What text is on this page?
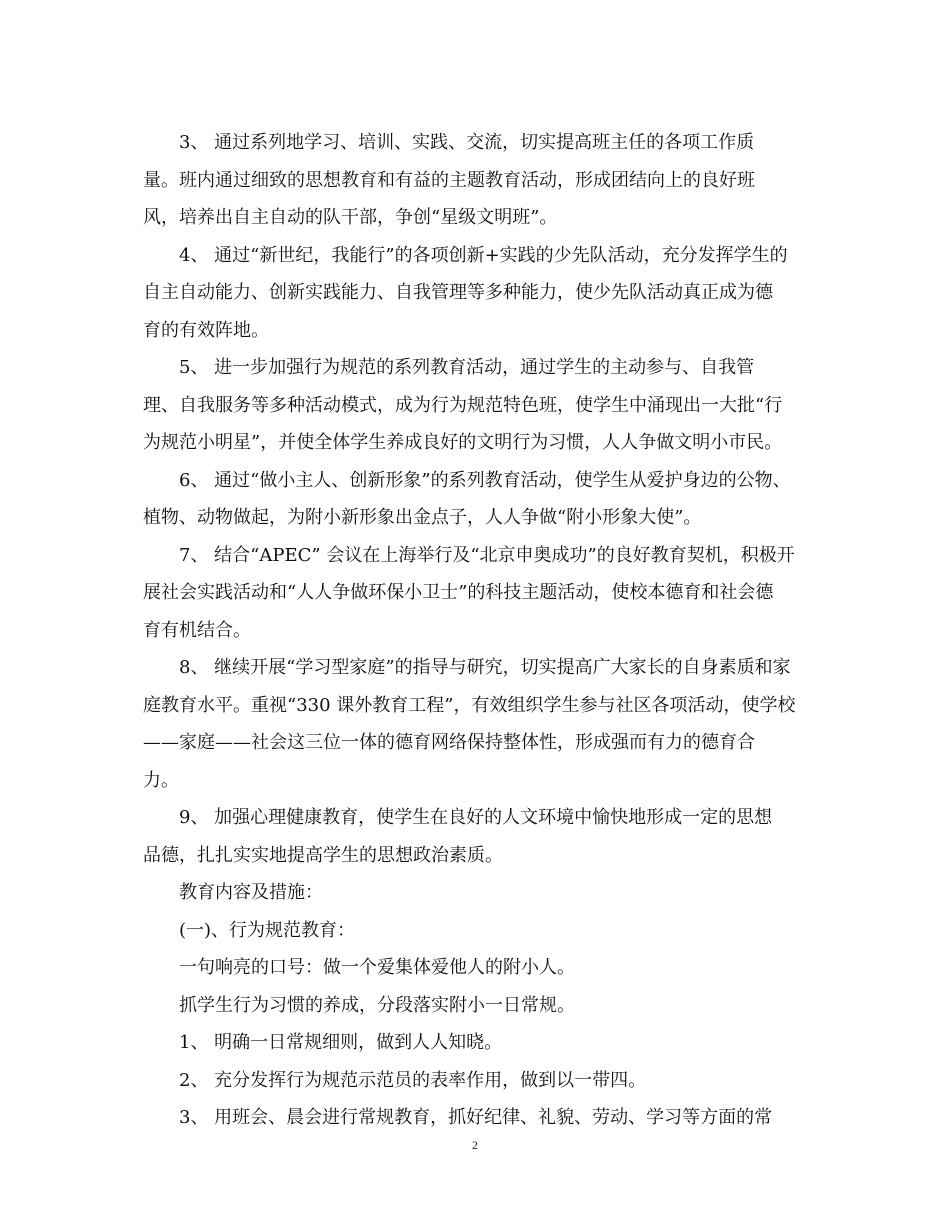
3、 通过系列地学习、培训、实践、交流，切实提高班主任的各项工作质
量。班内通过细致的思想教育和有益的主题教育活动，形成团结向上的良好班
风，培养出自主自动的队干部，争创“星级文明班”。

4、 通过“新世纪，我能行”的各项创新+实践的少先队活动，充分发挥学生的
自主自动能力、创新实践能力、自我管理等多种能力，使少先队活动真正成为德
育的有效阵地。

5、 进一步加强行为规范的系列教育活动，通过学生的主动参与、自我管
理、自我服务等多种活动模式，成为行为规范特色班，使学生中涌现出一大批“行
为规范小明星”，并使全体学生养成良好的文明行为习惯，人人争做文明小市民。

6、 通过“做小主人、创新形象”的系列教育活动，使学生从爱护身边的公物、
植物、动物做起，为附小新形象出金点子，人人争做“附小形象大使”。

7、 结合“APEC” 会议在上海举行及“北京申奥成功”的良好教育契机，积极开
展社会实践活动和“人人争做环保小卫士”的科技主题活动，使校本德育和社会德
育有机结合。

8、 继续开展“学习型家庭”的指导与研究，切实提高广大家长的自身素质和家
庭教育水平。重视“330 课外教育工程”，有效组织学生参与社区各项活动，使学校
——家庭——社会这三位一体的德育网络保持整体性，形成强而有力的德育合
力。

9、 加强心理健康教育，使学生在良好的人文环境中愉快地形成一定的思想
品德，扎扎实实地提高学生的思想政治素质。

教育内容及措施：

(一)、行为规范教育：

一句响亮的口号：做一个爱集体爱他人的附小人。

抓学生行为习惯的养成，分段落实附小一日常规。

1、 明确一日常规细则，做到人人知晓。

2、 充分发挥行为规范示范员的表率作用，做到以一带四。

3、 用班会、晨会进行常规教育，抓好纪律、礼貌、劳动、学习等方面的常

2
